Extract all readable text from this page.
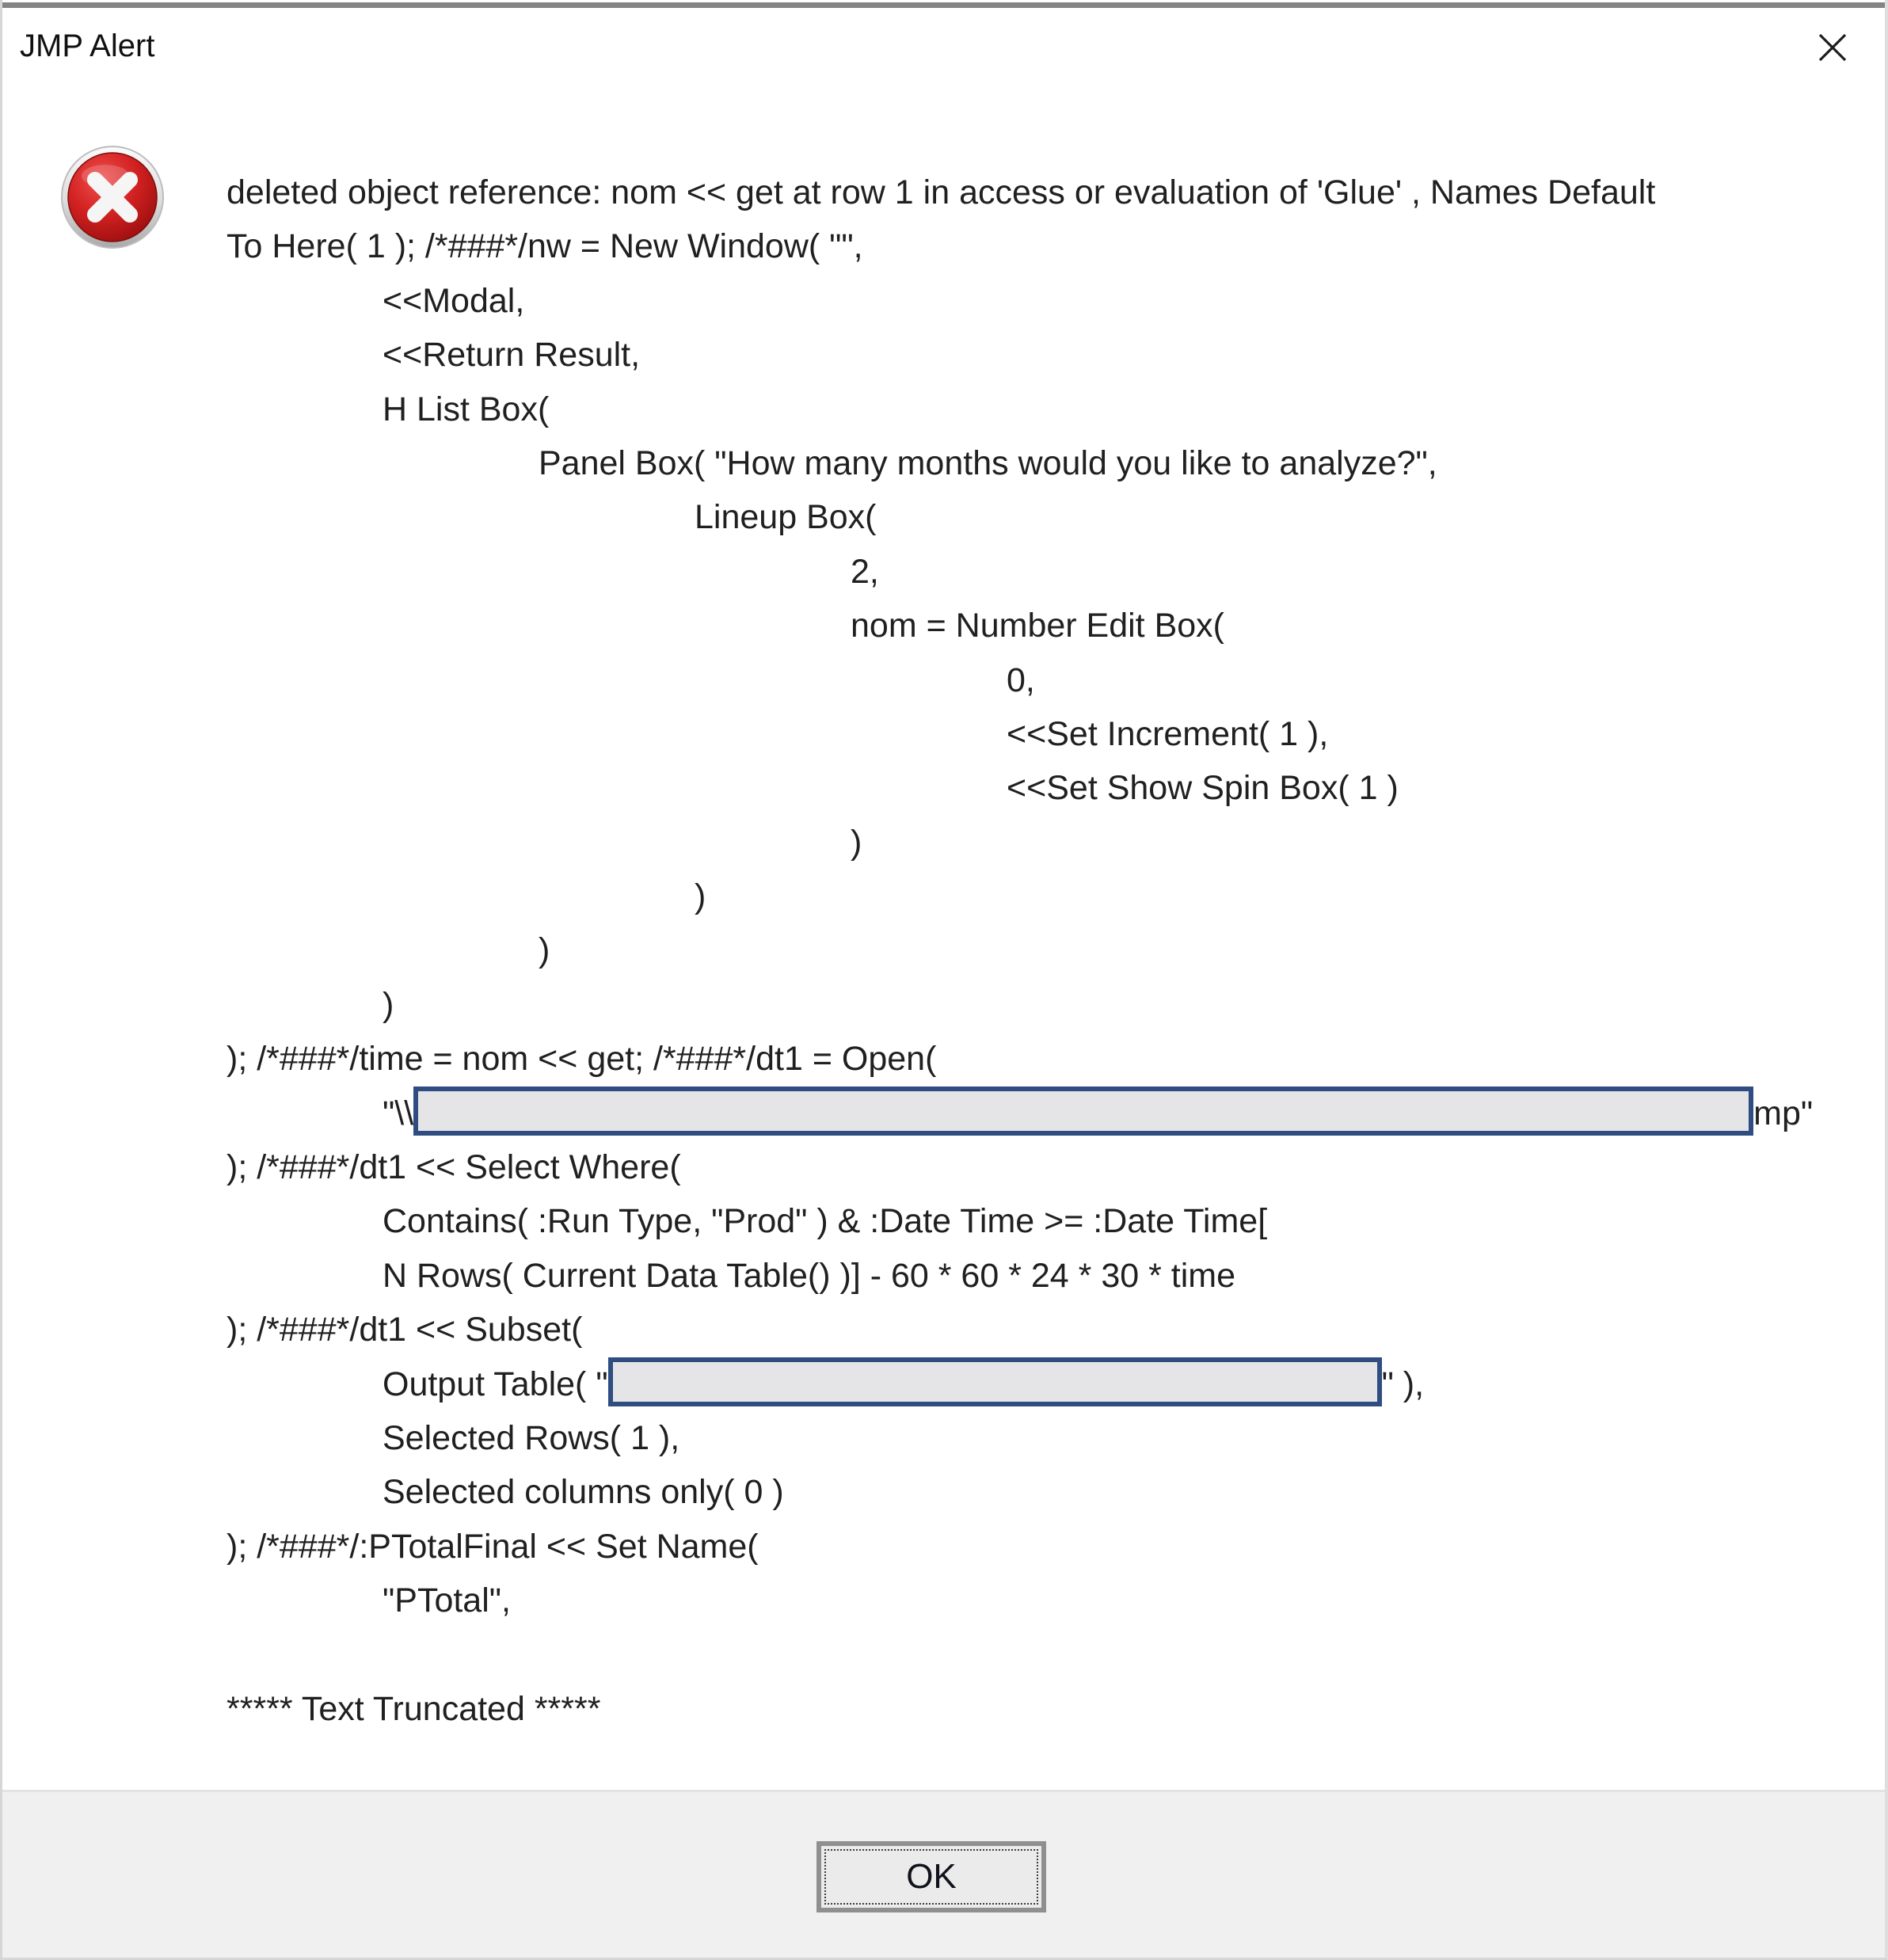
JMP Alert
deleted object reference: nom << get at row 1 in access or evaluation of 'Glue' , Names Default
To Here( 1 ); /*###*/nw = New Window( "",
<<Modal,
<<Return Result,
H List Box(
Panel Box( "How many months would you like to analyze?",
Lineup Box(
2,
nom = Number Edit Box(
0,
<<Set Increment( 1 ),
<<Set Show Spin Box( 1 )
)
)
)
)
); /*###*/time = nom << get; /*###*/dt1 = Open(
"\\	mp"
); /*###*/dt1 << Select Where(
Contains( :Run Type, "Prod" ) & :Date Time >= :Date Time[
N Rows( Current Data Table() )] - 60 * 60 * 24 * 30 * time
); /*###*/dt1 << Subset(
Output Table( "	" ),
Selected Rows( 1 ),
Selected columns only( 0 )
); /*###*/:PTotalFinal << Set Name(
"PTotal",
***** Text Truncated *****
OK
